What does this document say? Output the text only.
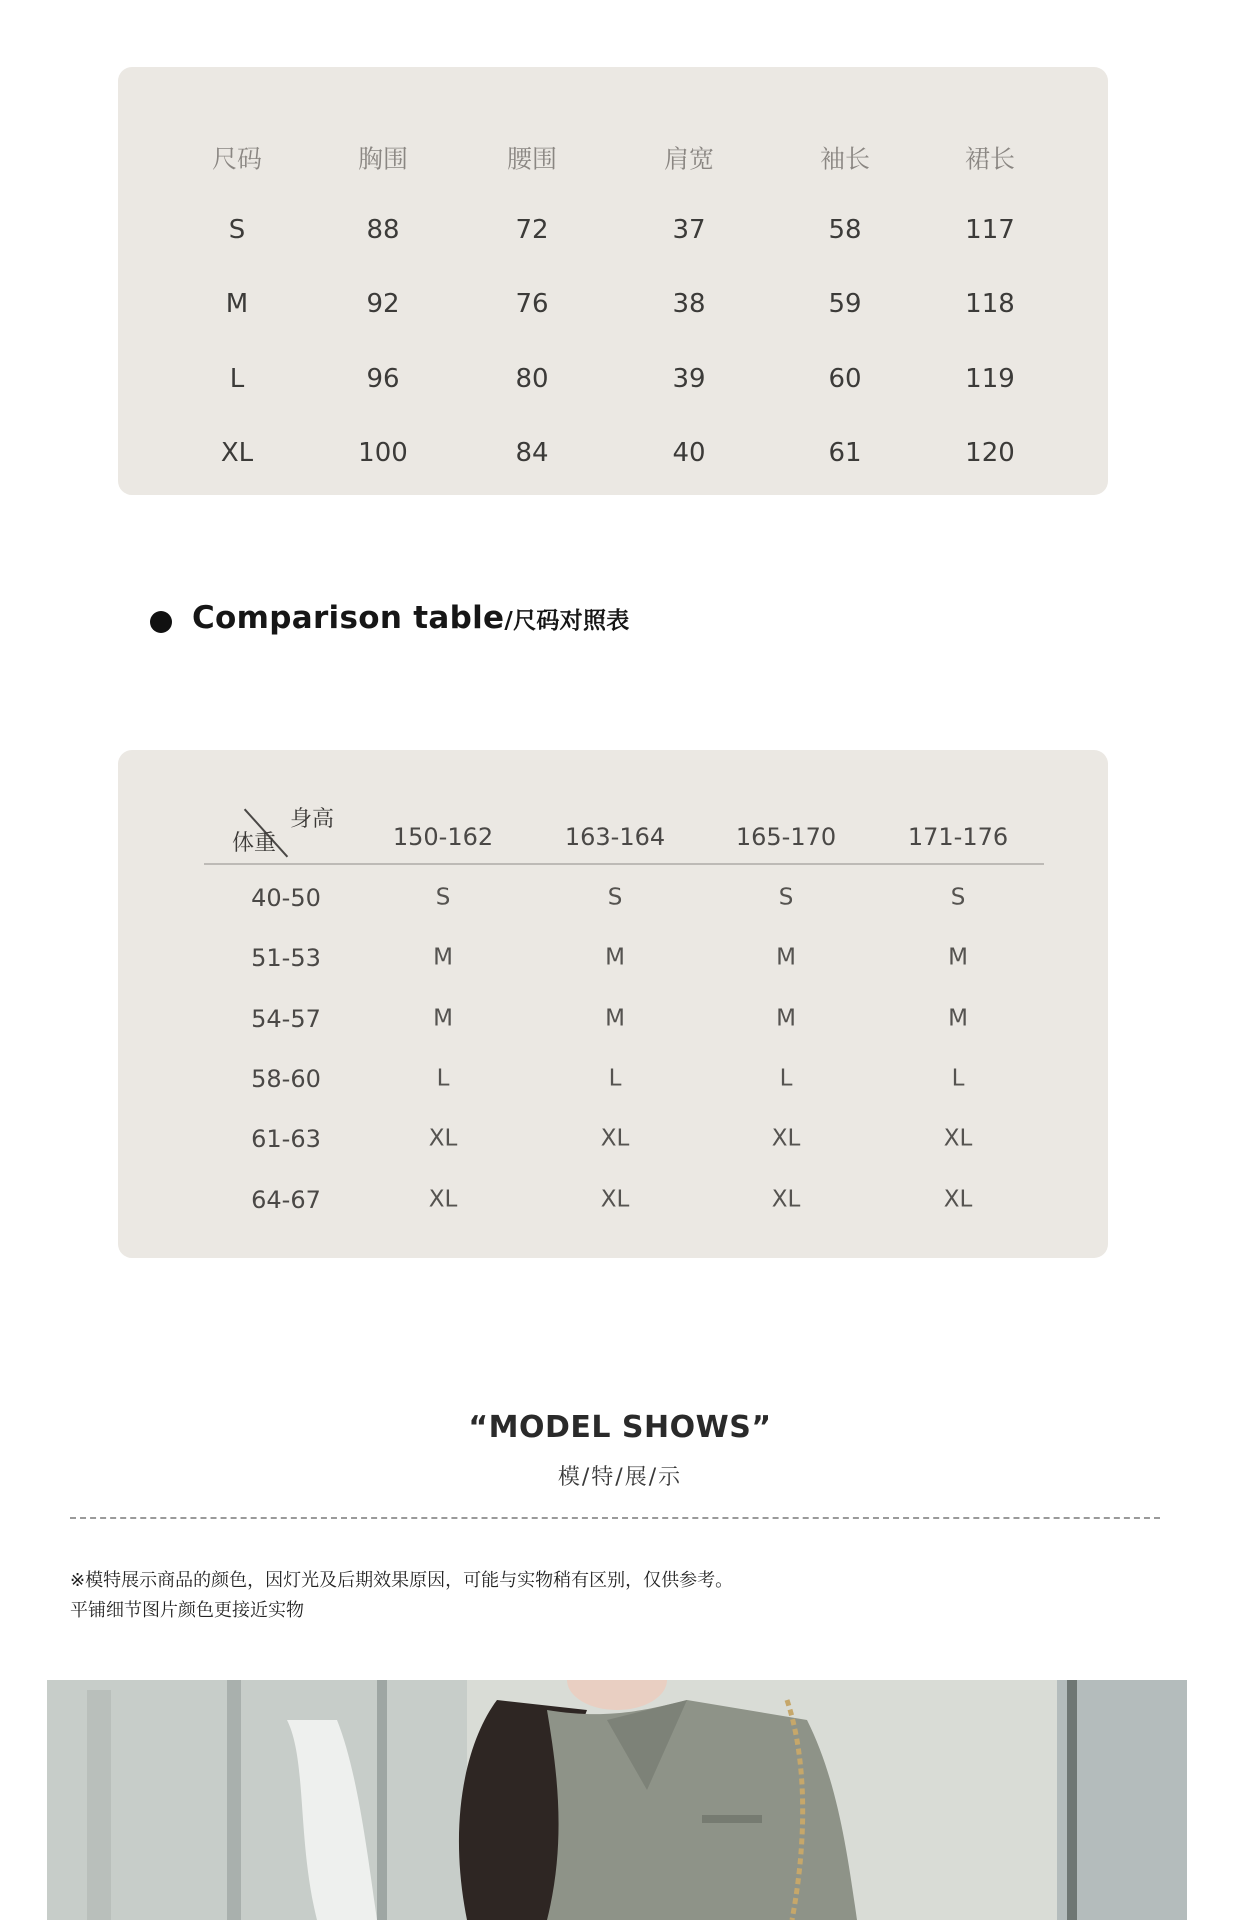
尺码	胸围	腰围	肩宽	袖长	裙长
S	88	72	37	58	117
M	92	76	38	59	118
L	96	80	39	60	119
XL	100	84	40	61	120
Comparison table/尺码对照表
身高
体重	150-162	163-164	165-170	171-176
40-50	S	S	S	S
51-53	M	M	M	M
54-57	M	M	M	M
58-60	L	L	L	L
61-63	XL	XL	XL	XL
64-67	XL	XL	XL	XL
“MODEL SHOWS”
模/特/展/示
※模特展示商品的颜色，因灯光及后期效果原因，可能与实物稍有区别，仅供参考。
平铺细节图片颜色更接近实物
